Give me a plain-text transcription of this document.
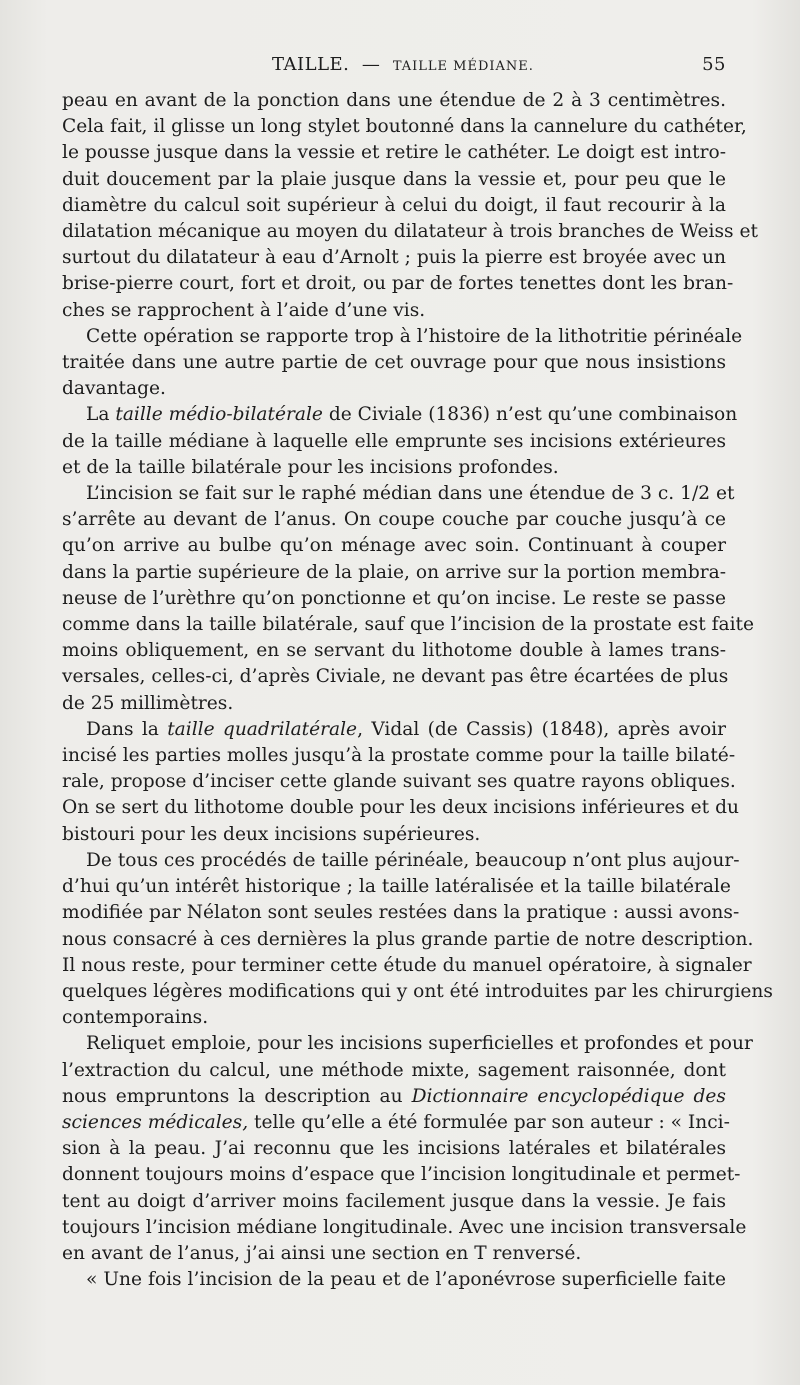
TAILLE. — TAILLE MÉDIANE.	55

peau en avant de la ponction dans une étendue de 2 à 3 centimètres.

Cela fait, il glisse un long stylet boutonné dans la cannelure du cathéter,

le pousse jusque dans la vessie et retire le cathéter. Le doigt est intro-

duit doucement par la plaie jusque dans la vessie et, pour peu que le

diamètre du calcul soit supérieur à celui du doigt, il faut recourir à la

dilatation mécanique au moyen du dilatateur à trois branches de Weiss et

surtout du dilatateur à eau d’Arnolt ; puis la pierre est broyée avec un

brise-pierre court, fort et droit, ou par de fortes tenettes dont les bran-

ches se rapprochent à l’aide d’une vis.

Cette opération se rapporte trop à l’histoire de la lithotritie périnéale

traitée dans une autre partie de cet ouvrage pour que nous insistions

davantage.

La taille médio-bilatérale de Civiale (1836) n’est qu’une combinaison

de la taille médiane à laquelle elle emprunte ses incisions extérieures

et de la taille bilatérale pour les incisions profondes.

L’incision se fait sur le raphé médian dans une étendue de 3 c. 1/2 et

s’arrête au devant de l’anus. On coupe couche par couche jusqu’à ce

qu’on arrive au bulbe qu’on ménage avec soin. Continuant à couper

dans la partie supérieure de la plaie, on arrive sur la portion membra-

neuse de l’urèthre qu’on ponctionne et qu’on incise. Le reste se passe

comme dans la taille bilatérale, sauf que l’incision de la prostate est faite

moins obliquement, en se servant du lithotome double à lames trans-

versales, celles-ci, d’après Civiale, ne devant pas être écartées de plus

de 25 millimètres.

Dans la taille quadrilatérale, Vidal (de Cassis) (1848), après avoir

incisé les parties molles jusqu’à la prostate comme pour la taille bilaté-

rale, propose d’inciser cette glande suivant ses quatre rayons obliques.

On se sert du lithotome double pour les deux incisions inférieures et du

bistouri pour les deux incisions supérieures.

De tous ces procédés de taille périnéale, beaucoup n’ont plus aujour-

d’hui qu’un intérêt historique ; la taille latéralisée et la taille bilatérale

modifiée par Nélaton sont seules restées dans la pratique : aussi avons-

nous consacré à ces dernières la plus grande partie de notre description.

Il nous reste, pour terminer cette étude du manuel opératoire, à signaler

quelques légères modifications qui y ont été introduites par les chirurgiens

contemporains.

Reliquet emploie, pour les incisions superficielles et profondes et pour

l’extraction du calcul, une méthode mixte, sagement raisonnée, dont

nous empruntons la description au Dictionnaire encyclopédique des

sciences médicales, telle qu’elle a été formulée par son auteur : « Inci-

sion à la peau. J’ai reconnu que les incisions latérales et bilatérales

donnent toujours moins d’espace que l’incision longitudinale et permet-

tent au doigt d’arriver moins facilement jusque dans la vessie. Je fais

toujours l’incision médiane longitudinale. Avec une incision transversale

en avant de l’anus, j’ai ainsi une section en T renversé.

« Une fois l’incision de la peau et de l’aponévrose superficielle faite
